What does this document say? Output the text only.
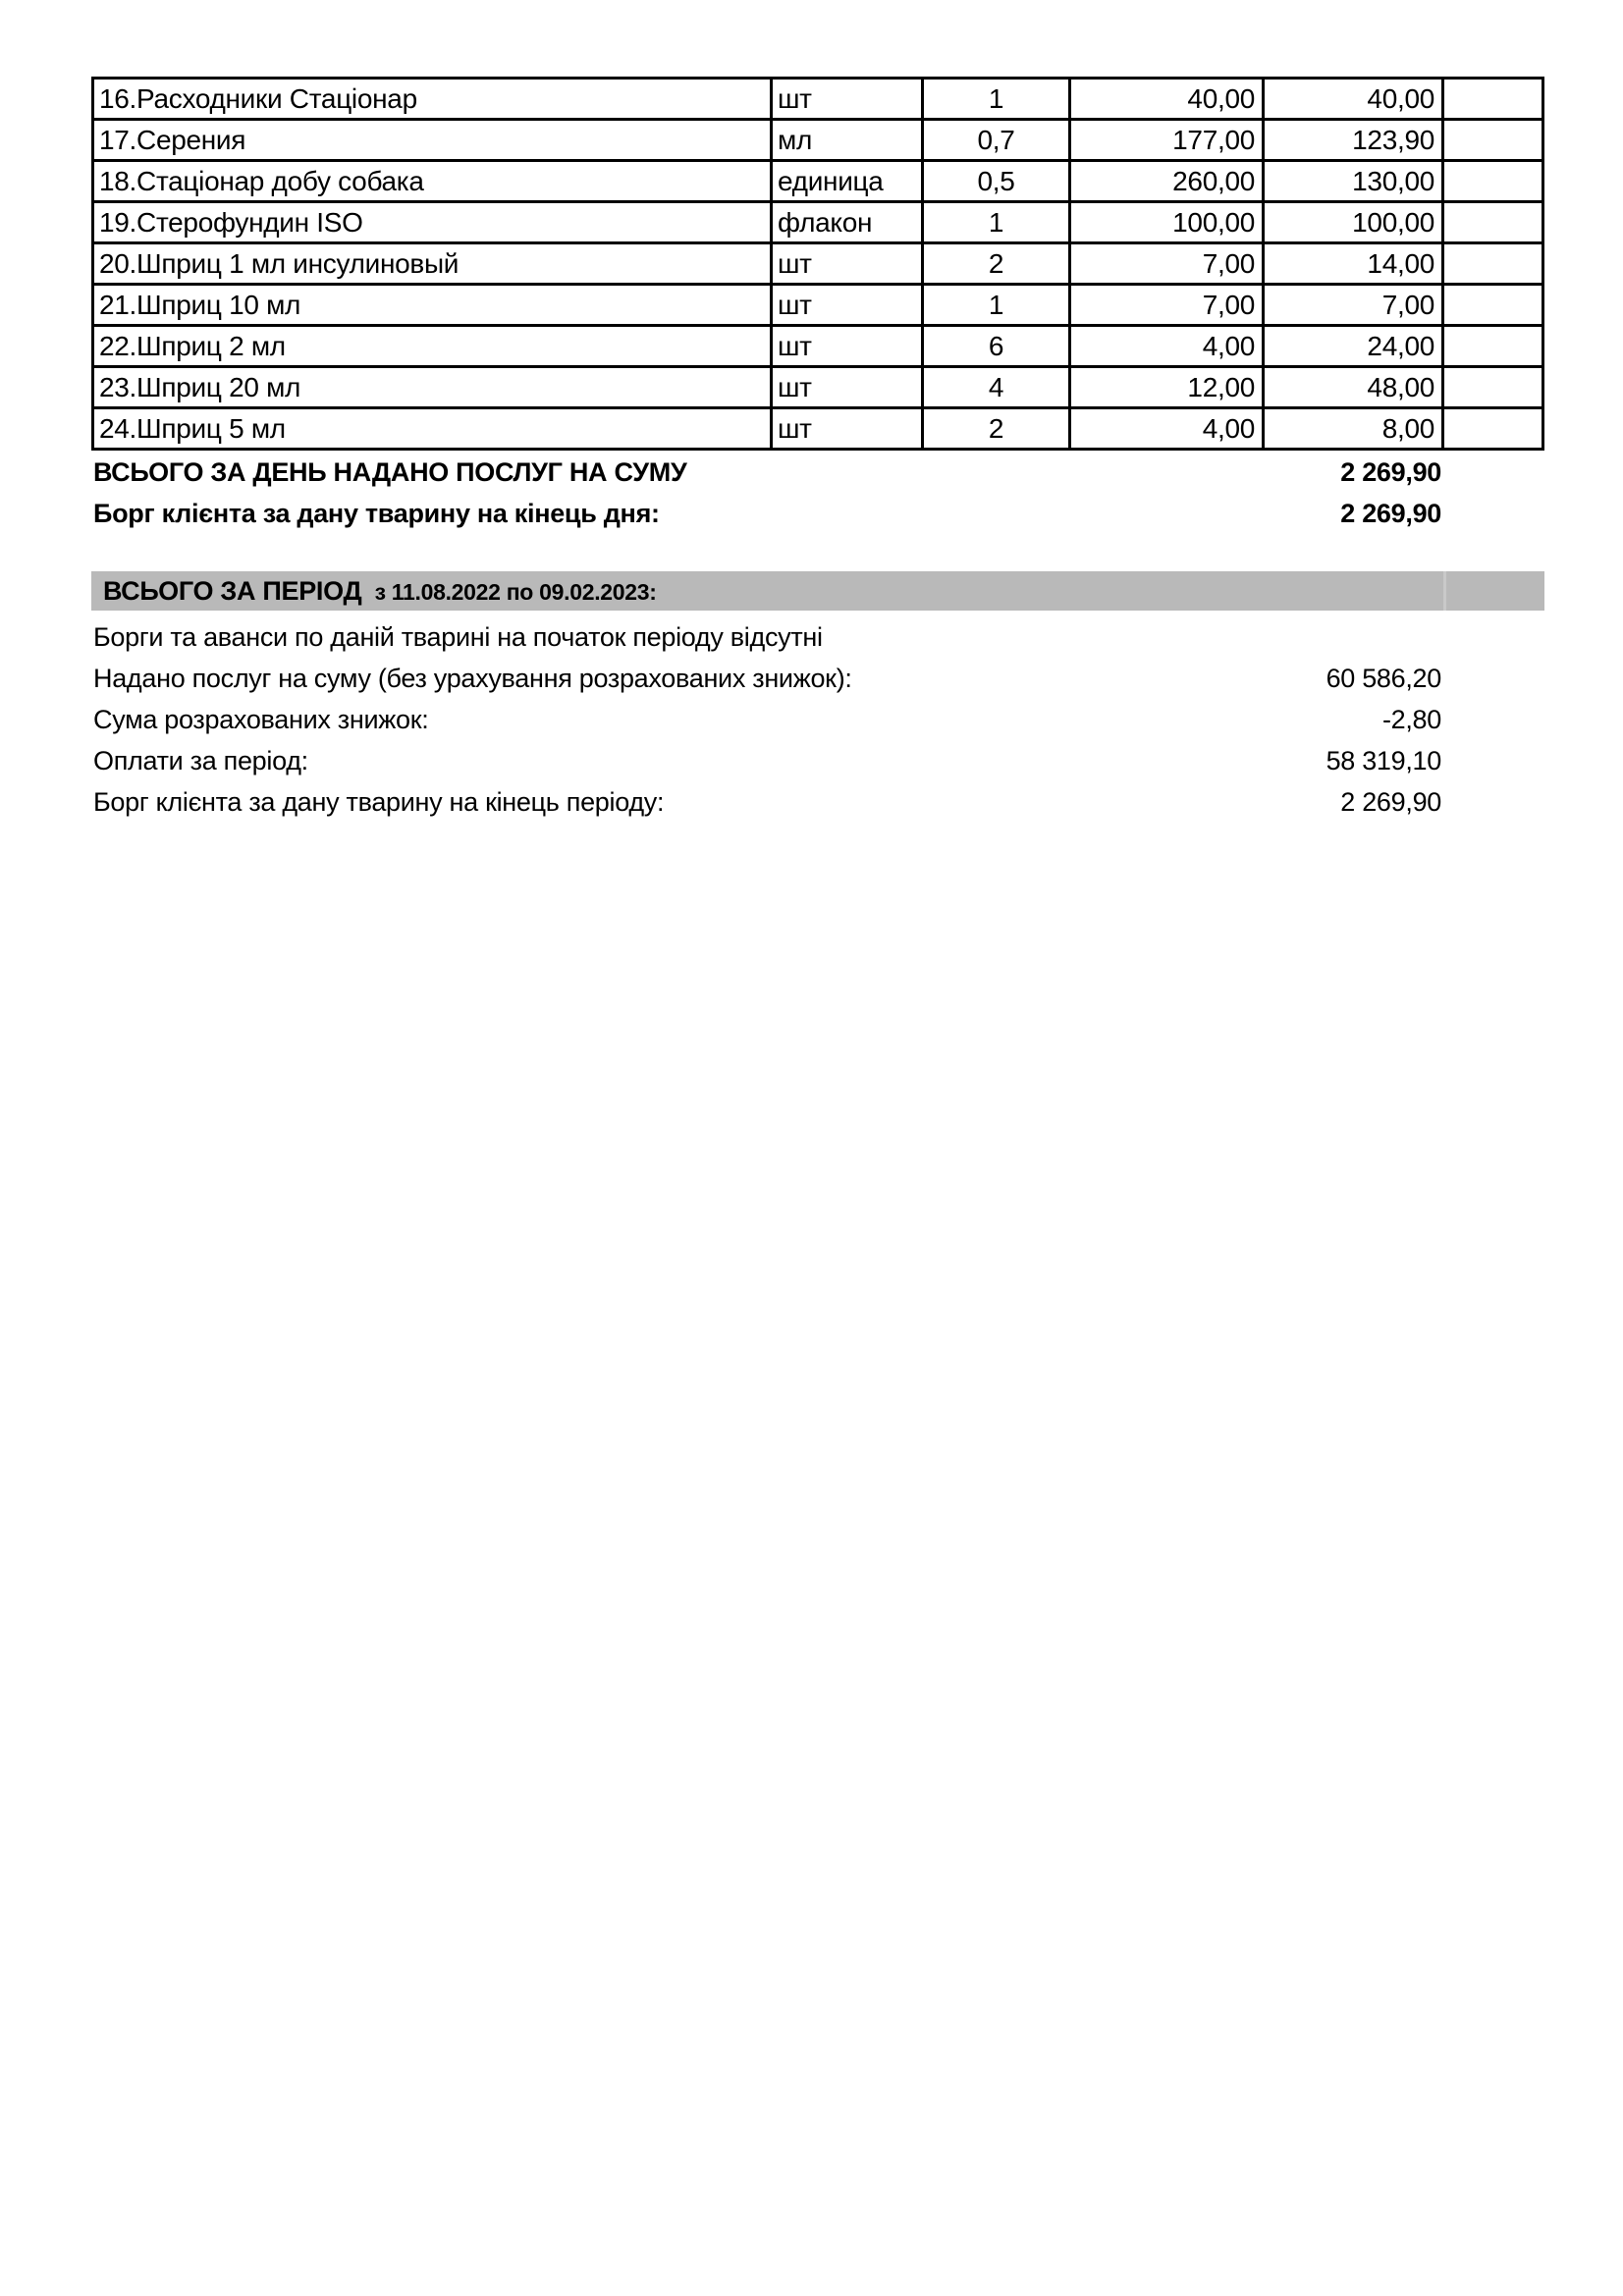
16.Расходники Стаціонар	шт	1	40,00	40,00
17.Серения	мл	0,7	177,00	123,90
18.Стаціонар добу собака	единица	0,5	260,00	130,00
19.Стерофундин ISO	флакон	1	100,00	100,00
20.Шприц 1 мл инсулиновый	шт	2	7,00	14,00
21.Шприц 10 мл	шт	1	7,00	7,00
22.Шприц 2 мл	шт	6	4,00	24,00
23.Шприц 20 мл	шт	4	12,00	48,00
24.Шприц 5 мл	шт	2	4,00	8,00
ВСЬОГО ЗА ДЕНЬ НАДАНО ПОСЛУГ НА СУМУ	2 269,90
Борг клієнта за дану тварину на кінець дня:	2 269,90
ВСЬОГО ЗА ПЕРІОД з 11.08.2022 по 09.02.2023:
Борги та аванси по даній тварині на початок періоду відсутні
Надано послуг на суму (без урахування розрахованих знижок):	60 586,20
Сума розрахованих знижок:	-2,80
Оплати за період:	58 319,10
Борг клієнта за дану тварину на кінець періоду:	2 269,90
